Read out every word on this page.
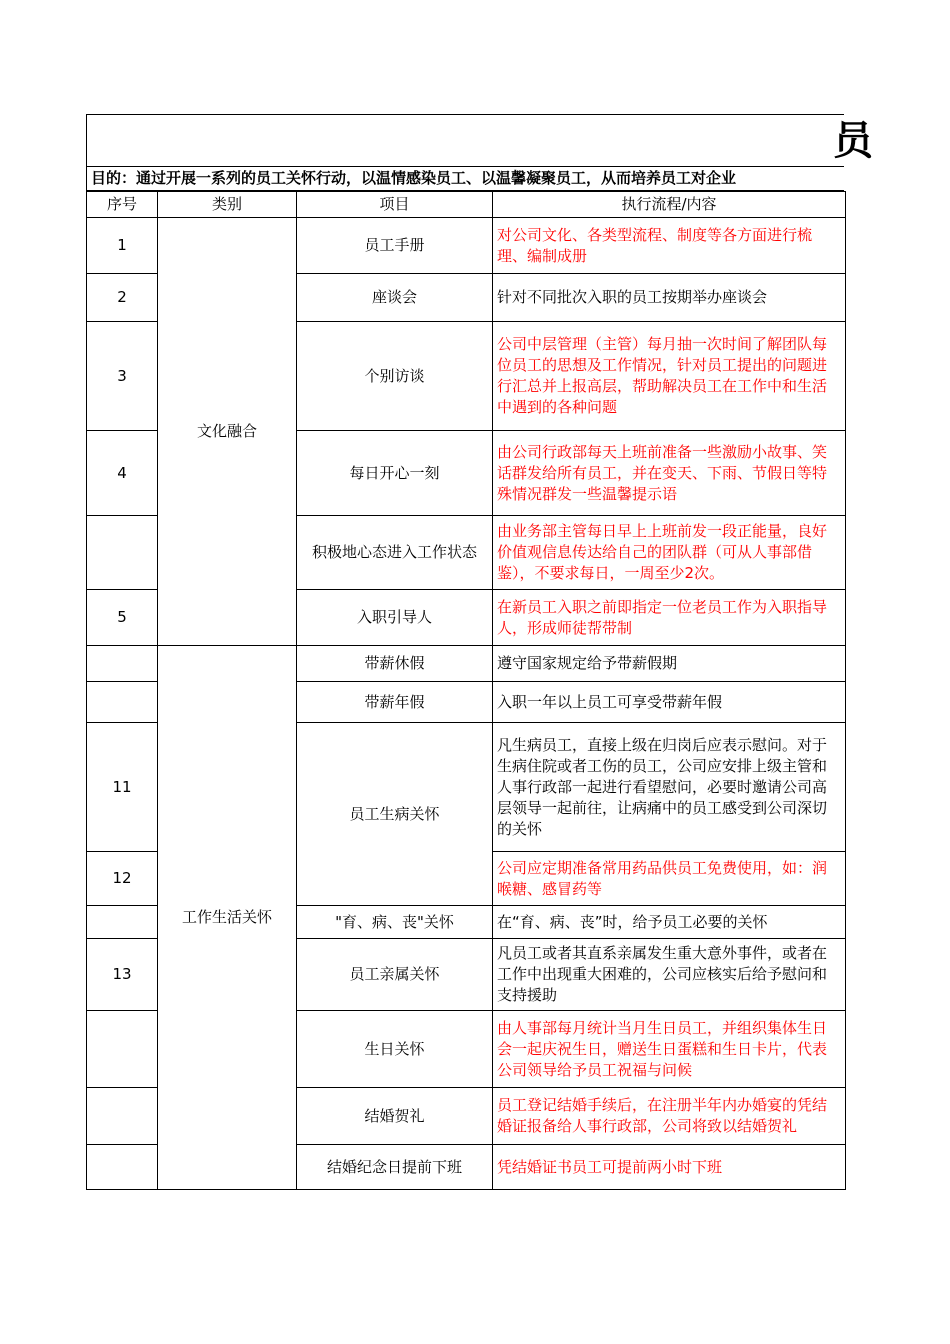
员
目的：通过开展一系列的员工关怀行动，以温情感染员工、以温馨凝聚员工，从而培养员工对企业
序号	类别	项目	执行流程/内容
1	文化融合	员工手册	对公司文化、各类型流程、制度等各方面进行梳理、编制成册
2		座谈会	针对不同批次入职的员工按期举办座谈会
3		个别访谈	公司中层管理（主管）每月抽一次时间了解团队每位员工的思想及工作情况，针对员工提出的问题进行汇总并上报高层，帮助解决员工在工作中和生活中遇到的各种问题
4		每日开心一刻	由公司行政部每天上班前准备一些激励小故事、笑话群发给所有员工，并在变天、下雨、节假日等特殊情况群发一些温馨提示语
		积极地心态进入工作状态	由业务部主管每日早上上班前发一段正能量，良好价值观信息传达给自己的团队群（可从人事部借鉴），不要求每日，一周至少2次。
5		入职引导人	在新员工入职之前即指定一位老员工作为入职指导人，形成师徒帮带制
	工作生活关怀	带薪休假	遵守国家规定给予带薪假期
		带薪年假	入职一年以上员工可享受带薪年假
11		员工生病关怀	凡生病员工，直接上级在归岗后应表示慰问。对于生病住院或者工伤的员工，公司应安排上级主管和人事行政部一起进行看望慰问，必要时邀请公司高层领导一起前往，让病痛中的员工感受到公司深切的关怀
12			公司应定期准备常用药品供员工免费使用，如：润喉糖、感冒药等
		"育、病、丧"关怀	在“育、病、丧”时，给予员工必要的关怀
13		员工亲属关怀	凡员工或者其直系亲属发生重大意外事件，或者在工作中出现重大困难的，公司应核实后给予慰问和支持援助
		生日关怀	由人事部每月统计当月生日员工，并组织集体生日会一起庆祝生日，赠送生日蛋糕和生日卡片，代表公司领导给予员工祝福与问候
		结婚贺礼	员工登记结婚手续后，在注册半年内办婚宴的凭结婚证报备给人事行政部，公司将致以结婚贺礼
		结婚纪念日提前下班	凭结婚证书员工可提前两小时下班
